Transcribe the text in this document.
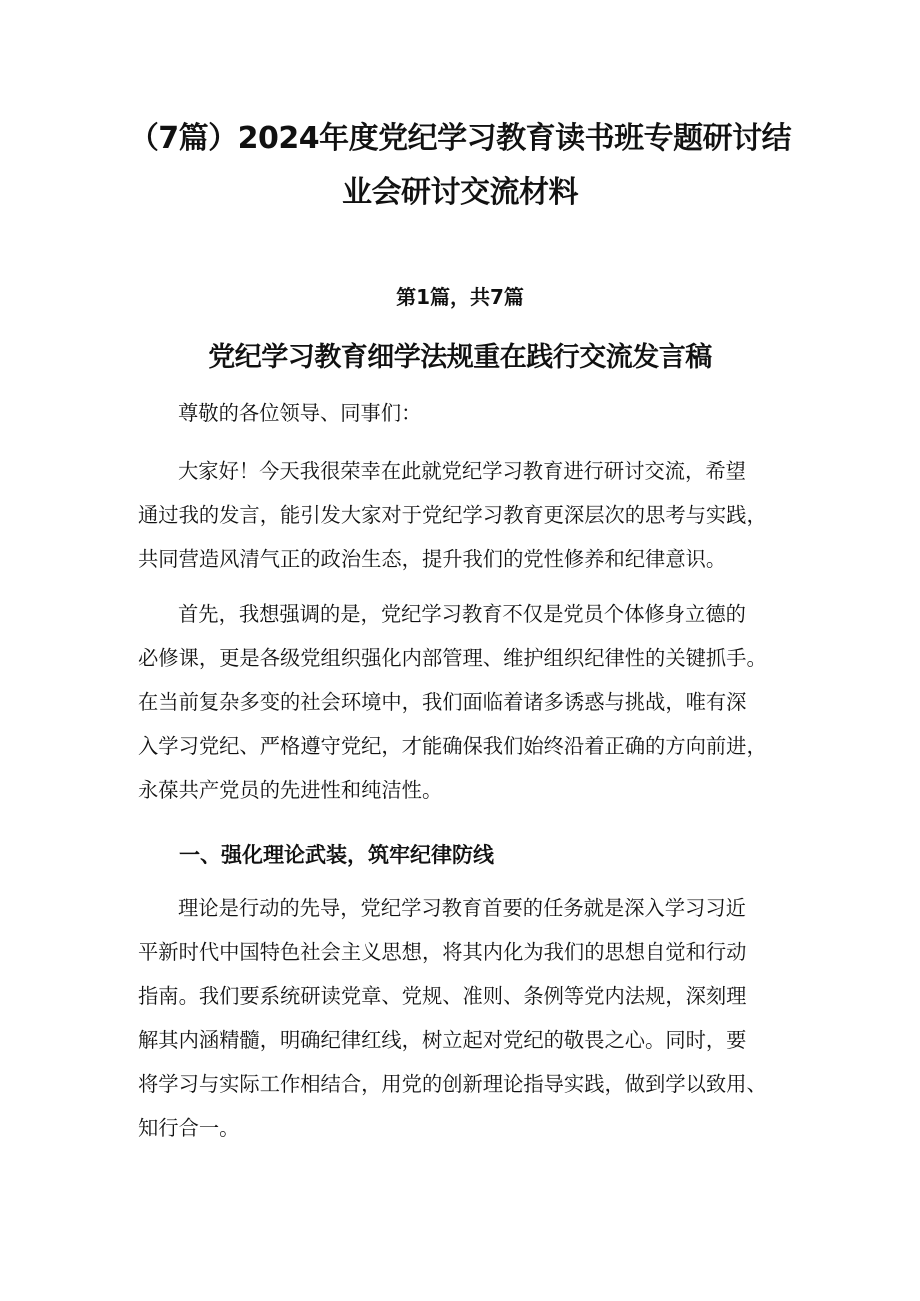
（7篇）2024年度党纪学习教育读书班专题研讨结
业会研讨交流材料

第1篇，共7篇

党纪学习教育细学法规重在践行交流发言稿

尊敬的各位领导、同事们：

大家好！今天我很荣幸在此就党纪学习教育进行研讨交流，希望

通过我的发言，能引发大家对于党纪学习教育更深层次的思考与实践，

共同营造风清气正的政治生态，提升我们的党性修养和纪律意识。

首先，我想强调的是，党纪学习教育不仅是党员个体修身立德的

必修课，更是各级党组织强化内部管理、维护组织纪律性的关键抓手。

在当前复杂多变的社会环境中，我们面临着诸多诱惑与挑战，唯有深

入学习党纪、严格遵守党纪，才能确保我们始终沿着正确的方向前进，

永葆共产党员的先进性和纯洁性。

一、强化理论武装，筑牢纪律防线

理论是行动的先导，党纪学习教育首要的任务就是深入学习习近

平新时代中国特色社会主义思想，将其内化为我们的思想自觉和行动

指南。我们要系统研读党章、党规、准则、条例等党内法规，深刻理

解其内涵精髓，明确纪律红线，树立起对党纪的敬畏之心。同时，要

将学习与实际工作相结合，用党的创新理论指导实践，做到学以致用、

知行合一。
